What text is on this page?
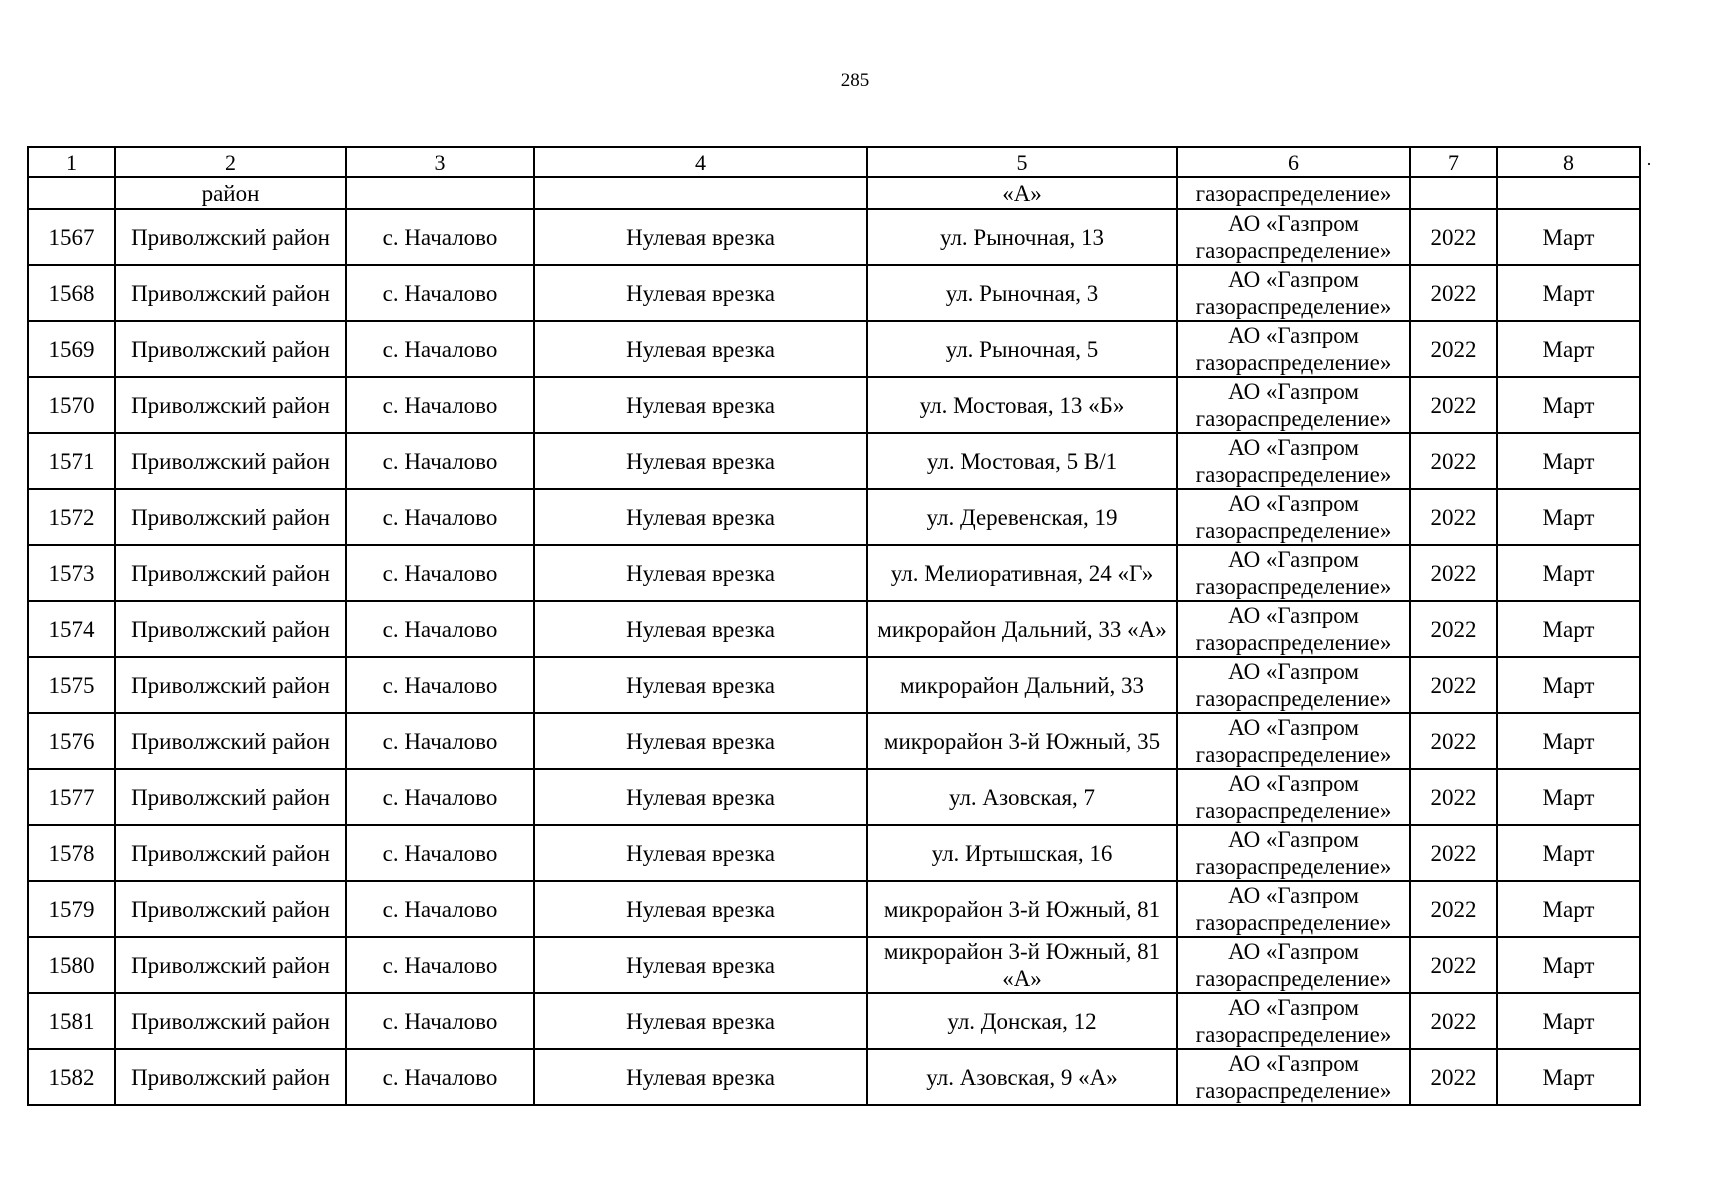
285
1	2	3	4	5	6	7	8
	район			«А»	газораспределение»		
1567	Приволжский район	с. Началово	Нулевая врезка	ул. Рыночная, 13	АО «Газпром газораспределение»	2022	Март
1568	Приволжский район	с. Началово	Нулевая врезка	ул. Рыночная, 3	АО «Газпром газораспределение»	2022	Март
1569	Приволжский район	с. Началово	Нулевая врезка	ул. Рыночная, 5	АО «Газпром газораспределение»	2022	Март
1570	Приволжский район	с. Началово	Нулевая врезка	ул. Мостовая, 13 «Б»	АО «Газпром газораспределение»	2022	Март
1571	Приволжский район	с. Началово	Нулевая врезка	ул. Мостовая, 5 В/1	АО «Газпром газораспределение»	2022	Март
1572	Приволжский район	с. Началово	Нулевая врезка	ул. Деревенская, 19	АО «Газпром газораспределение»	2022	Март
1573	Приволжский район	с. Началово	Нулевая врезка	ул. Мелиоративная, 24 «Г»	АО «Газпром газораспределение»	2022	Март
1574	Приволжский район	с. Началово	Нулевая врезка	микрорайон Дальний, 33 «А»	АО «Газпром газораспределение»	2022	Март
1575	Приволжский район	с. Началово	Нулевая врезка	микрорайон Дальний, 33	АО «Газпром газораспределение»	2022	Март
1576	Приволжский район	с. Началово	Нулевая врезка	микрорайон 3-й Южный, 35	АО «Газпром газораспределение»	2022	Март
1577	Приволжский район	с. Началово	Нулевая врезка	ул. Азовская, 7	АО «Газпром газораспределение»	2022	Март
1578	Приволжский район	с. Началово	Нулевая врезка	ул. Иртышская, 16	АО «Газпром газораспределение»	2022	Март
1579	Приволжский район	с. Началово	Нулевая врезка	микрорайон 3-й Южный, 81	АО «Газпром газораспределение»	2022	Март
1580	Приволжский район	с. Началово	Нулевая врезка	микрорайон 3-й Южный, 81 «А»	АО «Газпром газораспределение»	2022	Март
1581	Приволжский район	с. Началово	Нулевая врезка	ул. Донская, 12	АО «Газпром газораспределение»	2022	Март
1582	Приволжский район	с. Началово	Нулевая врезка	ул. Азовская, 9 «А»	АО «Газпром газораспределение»	2022	Март
·
